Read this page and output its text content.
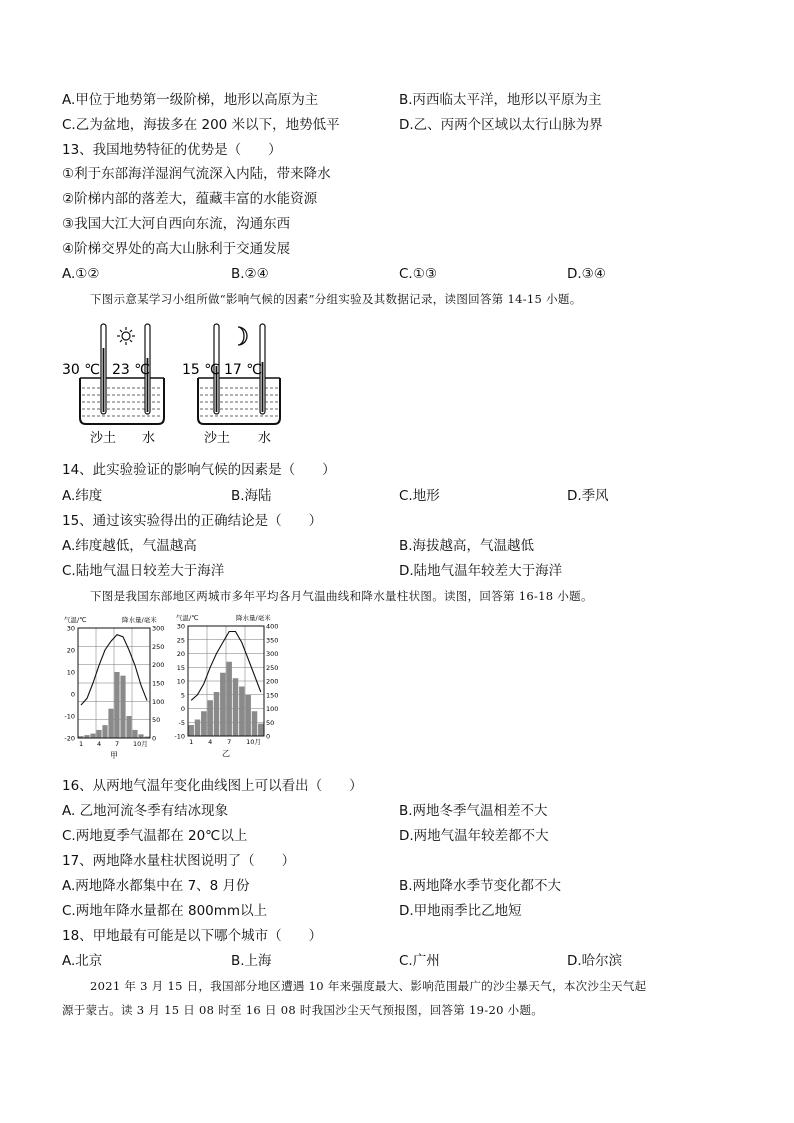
A.甲位于地势第一级阶梯，地形以高原为主	B.丙西临太平洋，地形以平原为主
C.乙为盆地，海拔多在 200 米以下，地势低平	D.乙、丙两个区域以太行山脉为界
13、我国地势特征的优势是（　　）
①利于东部海洋湿润气流深入内陆，带来降水
②阶梯内部的落差大，蕴藏丰富的水能资源
③我国大江大河自西向东流，沟通东西
④阶梯交界处的高大山脉利于交通发展
A.①②	B.②④	C.①③	D.③④
下图示意某学习小组所做“影响气候的因素”分组实验及其数据记录，读图回答第 14-15 小题。
30 ℃ 23 ℃
沙土 水
15 ℃ 17 ℃
沙土 水
14、此实验验证的影响气候的因素是（　　）
A.纬度	B.海陆	C.地形	D.季风
15、通过该实验得出的正确结论是（　　）
A.纬度越低，气温越高	B.海拔越高，气温越低
C.陆地气温日较差大于海洋	D.陆地气温年较差大于海洋
下图是我国东部地区两城市多年平均各月气温曲线和降水量柱状图。读图，回答第 16-18 小题。
气温/℃	降水量/毫米
300
250
200
150
100
50
0
30
20
10
0
-10
-20
1 4 7 10月
甲
气温/℃	降水量/毫米
400
350
300
250
200
150
100
50
0
30
25
20
15
10
5
0
-5
-10
1 4 7 10月
乙
16、从两地气温年变化曲线图上可以看出（　　）
A. 乙地河流冬季有结冰现象	B.两地冬季气温相差不大
C.两地夏季气温都在 20℃以上	D.两地气温年较差都不大
17、两地降水量柱状图说明了（　　）
A.两地降水都集中在 7、8 月份	B.两地降水季节变化都不大
C.两地年降水量都在 800mm以上	D.甲地雨季比乙地短
18、甲地最有可能是以下哪个城市（　　）
A.北京	B.上海	C.广州	D.哈尔滨
2021 年 3 月 15 日，我国部分地区遭遇 10 年来强度最大、影响范围最广的沙尘暴天气，本次沙尘天气起
源于蒙古。读 3 月 15 日 08 时至 16 日 08 时我国沙尘天气预报图，回答第 19-20 小题。
